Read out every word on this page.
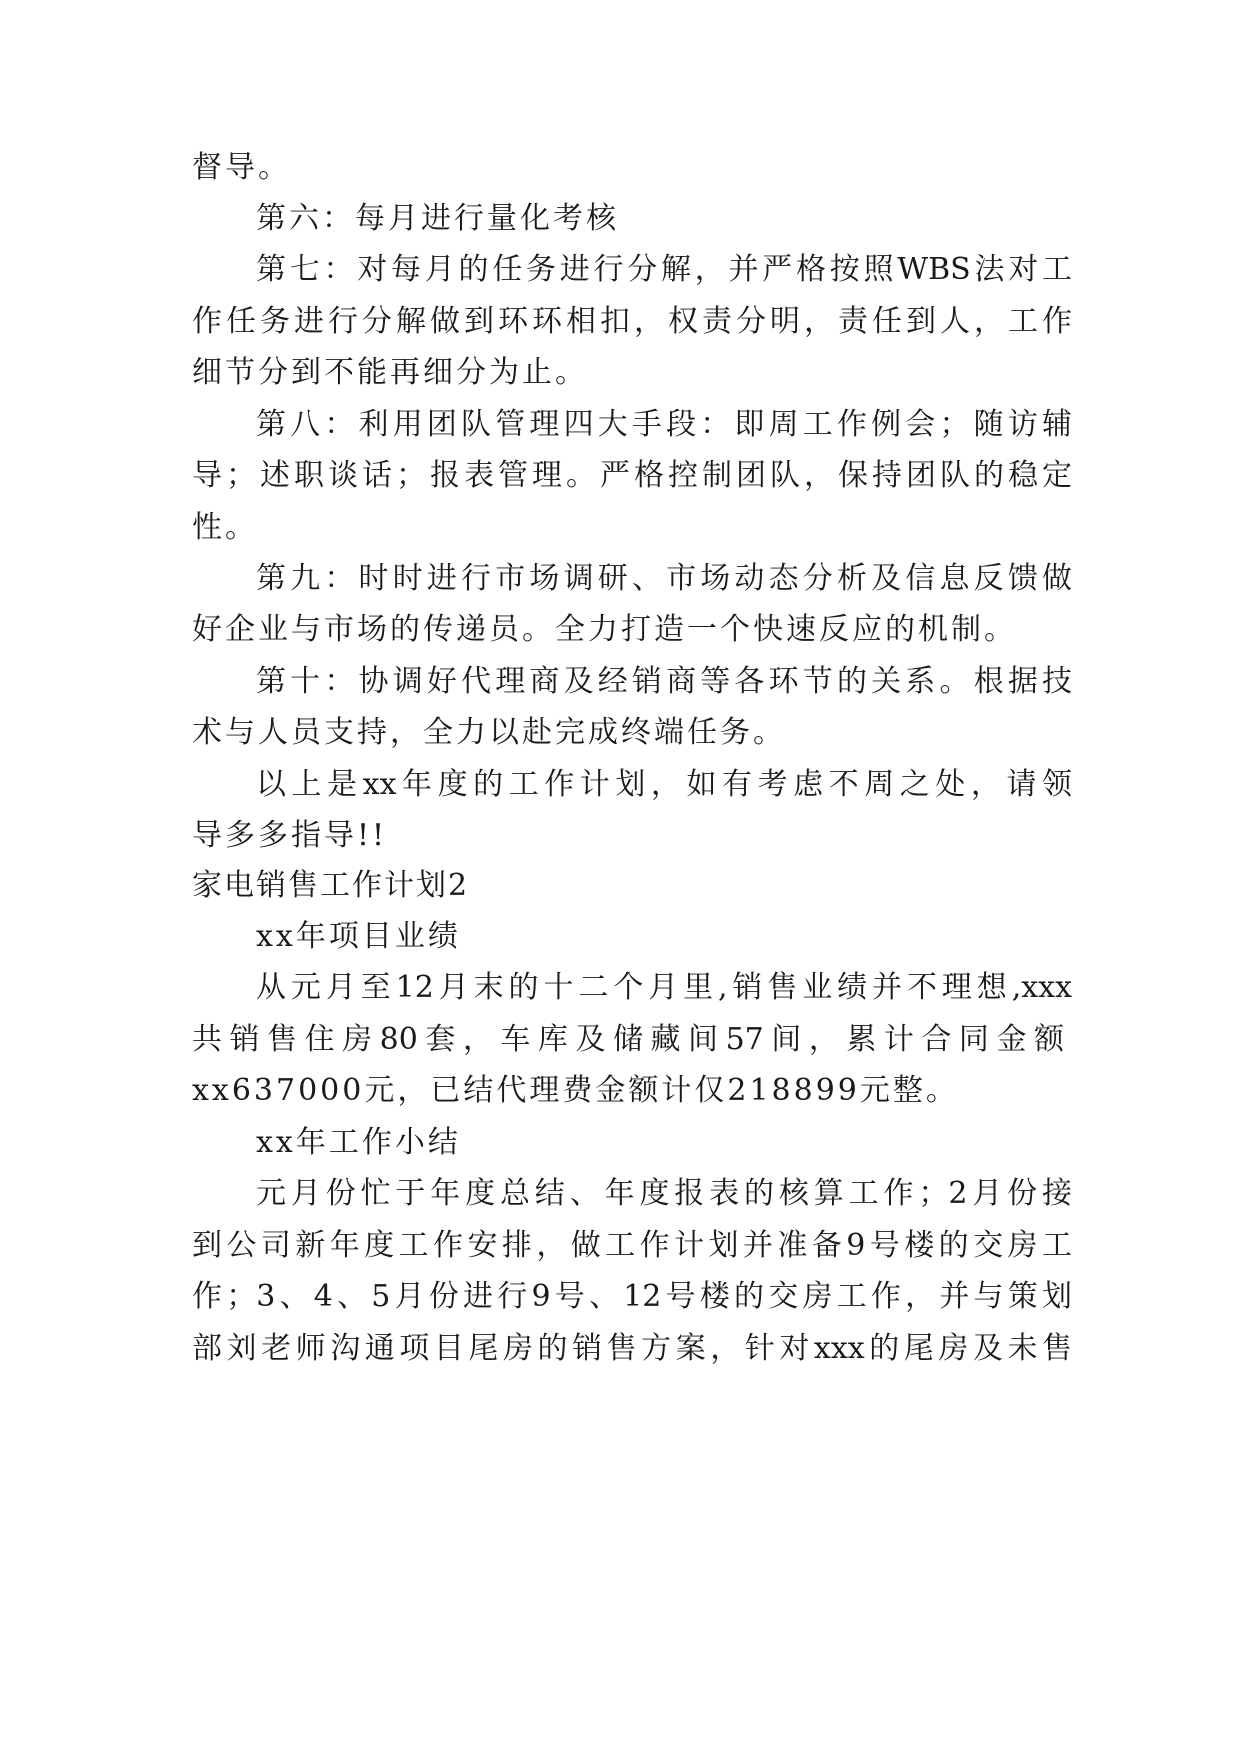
督导。
第六：每月进行量化考核
第七：对每月的任务进行分解，并严格按照WBS法对工
作任务进行分解做到环环相扣，权责分明，责任到人，工作
细节分到不能再细分为止。
第八：利用团队管理四大手段：即周工作例会；随访辅
导；述职谈话；报表管理。严格控制团队，保持团队的稳定
性。
第九：时时进行市场调研、市场动态分析及信息反馈做
好企业与市场的传递员。全力打造一个快速反应的机制。
第十：协调好代理商及经销商等各环节的关系。根据技
术与人员支持，全力以赴完成终端任务。
以上是xx年度的工作计划，如有考虑不周之处，请领
导多多指导!!
家电销售工作计划2
xx年项目业绩
从元月至12月末的十二个月里,销售业绩并不理想,xxx
共销售住房80套，车库及储藏间57间，累计合同金额
xx637000元，已结代理费金额计仅218899元整。
xx年工作小结
元月份忙于年度总结、年度报表的核算工作；2月份接
到公司新年度工作安排，做工作计划并准备9号楼的交房工
作；3、4、5月份进行9号、12号楼的交房工作，并与策划
部刘老师沟通项目尾房的销售方案，针对xxx的尾房及未售
